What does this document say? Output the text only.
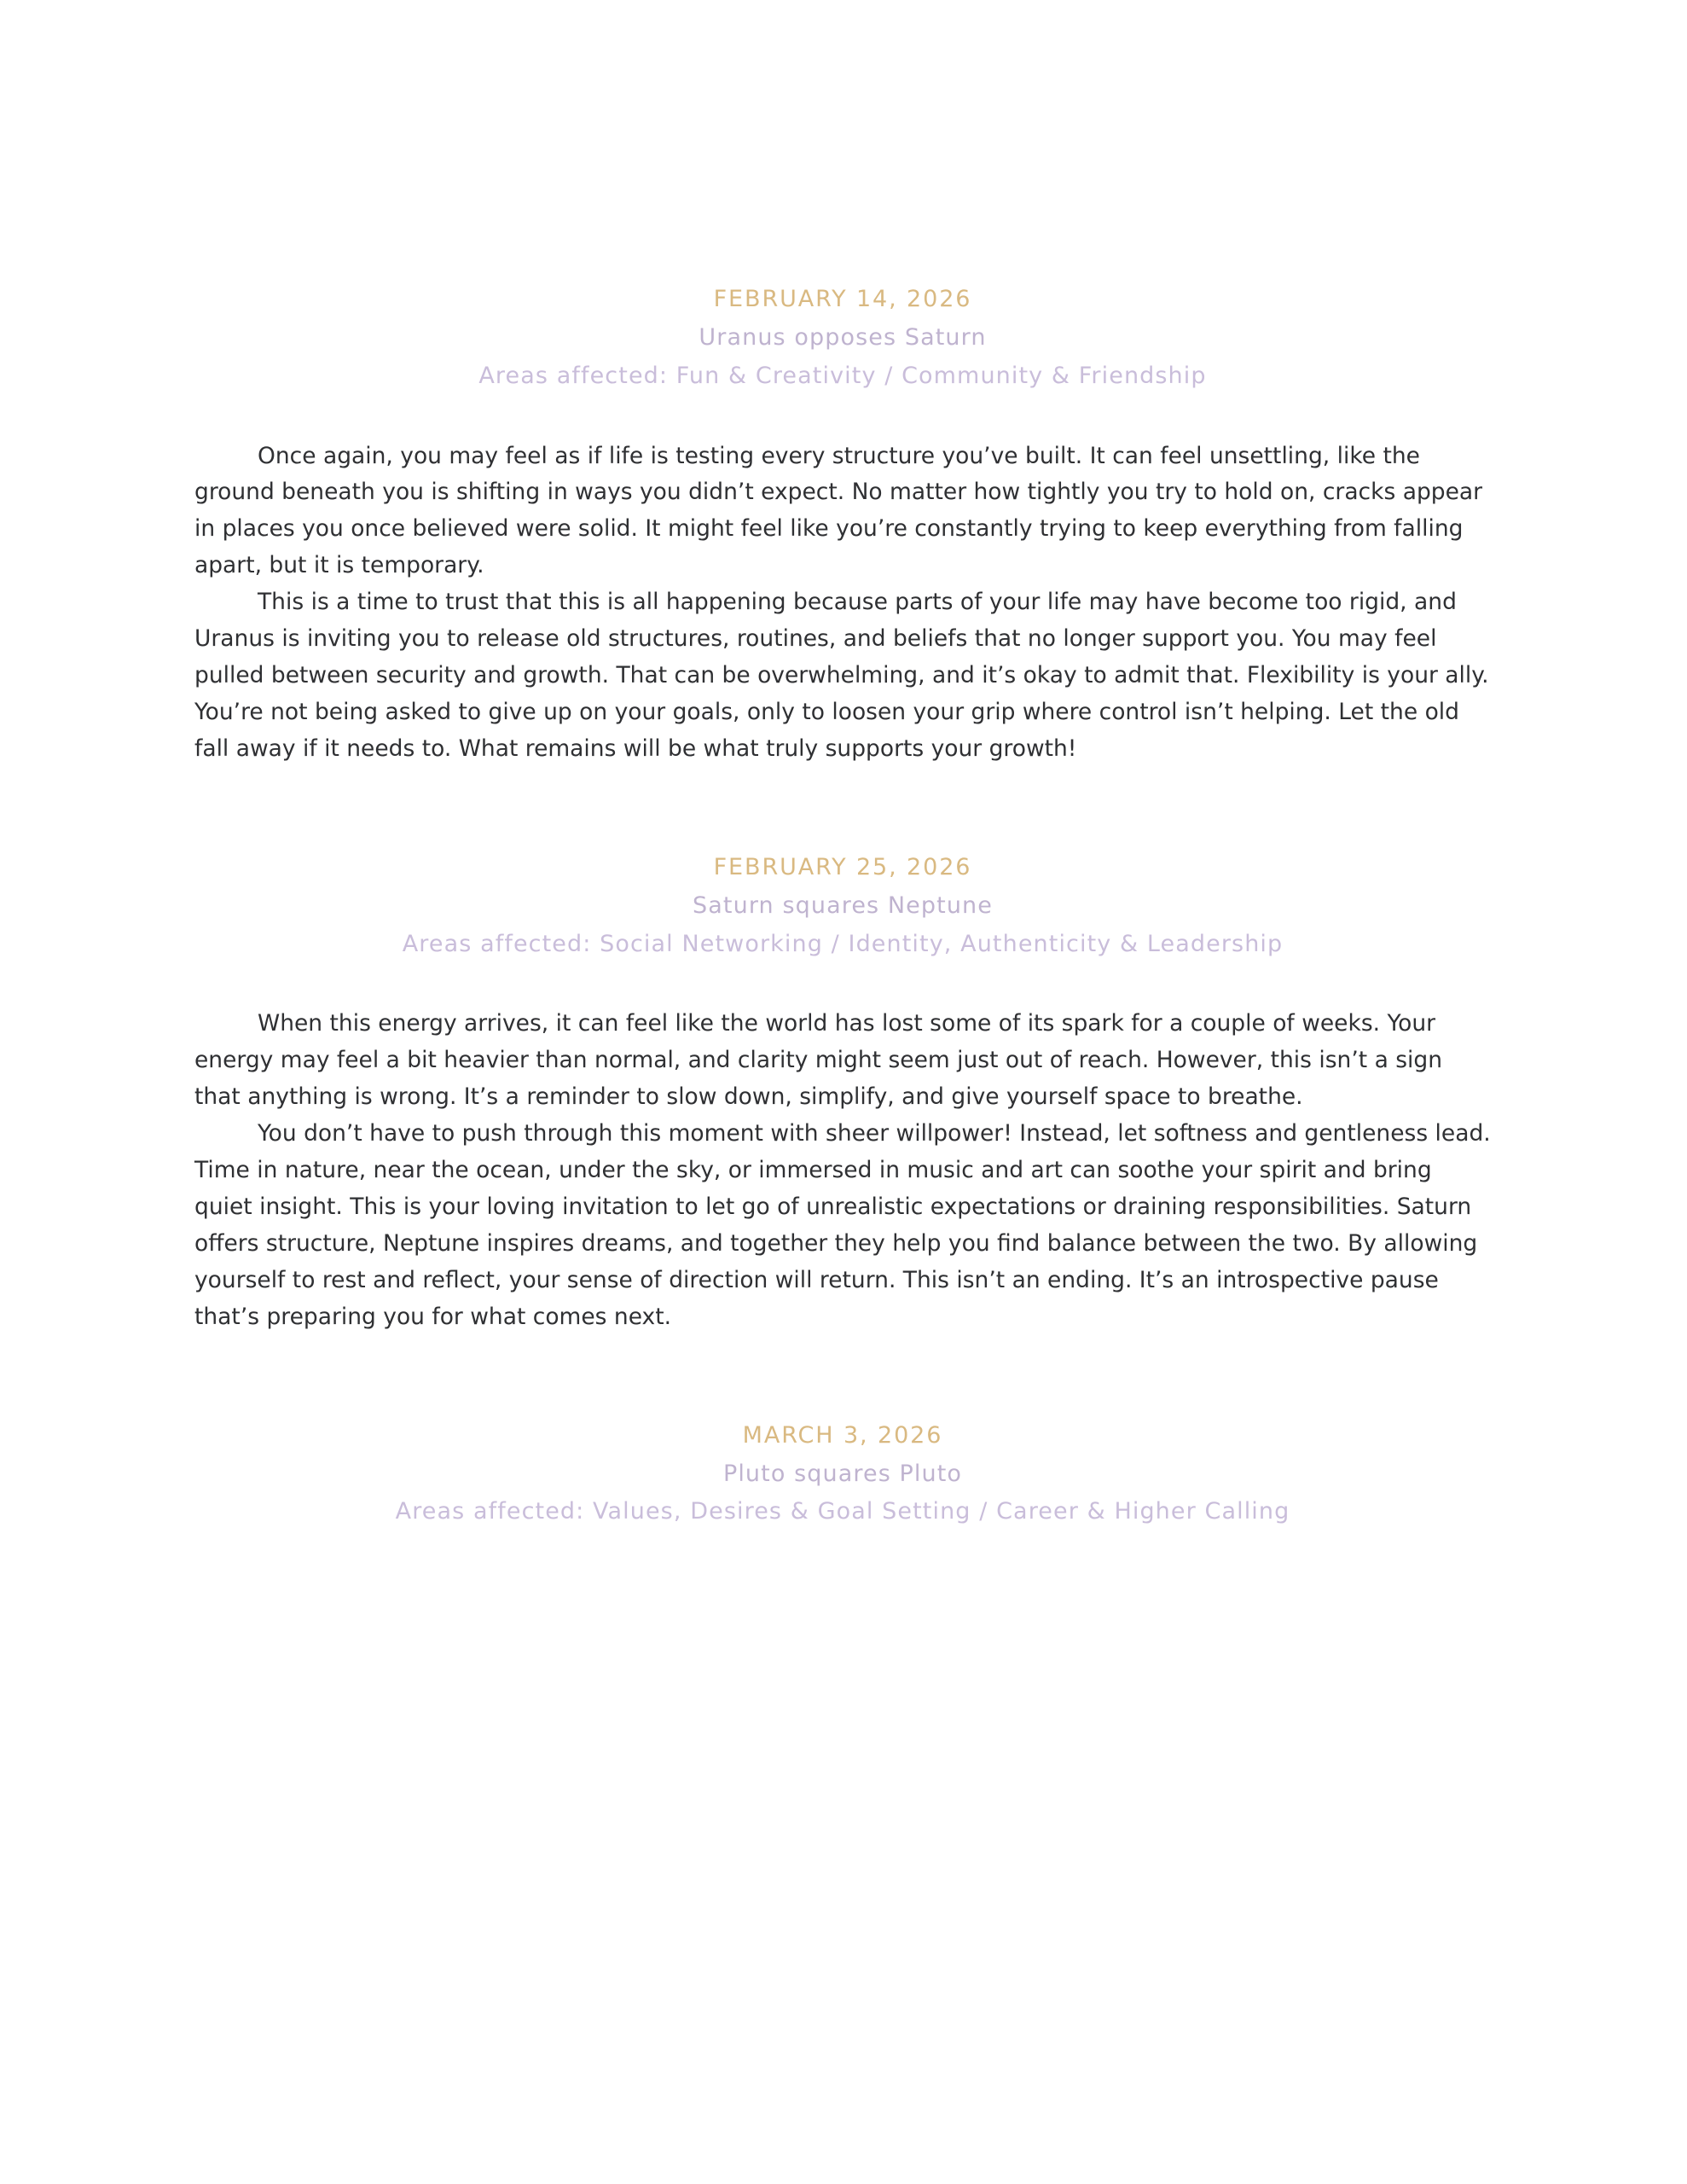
FEBRUARY 14, 2026
Uranus opposes Saturn
Areas affected: Fun & Creativity / Community & Friendship

Once again, you may feel as if life is testing every structure you’ve built. It can feel unsettling, like the ground beneath you is shifting in ways you didn’t expect. No matter how tightly you try to hold on, cracks appear in places you once believed were solid. It might feel like you’re constantly trying to keep everything from falling apart, but it is temporary.

This is a time to trust that this is all happening because parts of your life may have become too rigid, and Uranus is inviting you to release old structures, routines, and beliefs that no longer support you. You may feel pulled between security and growth. That can be overwhelming, and it’s okay to admit that. Flexibility is your ally. You’re not being asked to give up on your goals, only to loosen your grip where control isn’t helping. Let the old fall away if it needs to. What remains will be what truly supports your growth!

FEBRUARY 25, 2026
Saturn squares Neptune
Areas affected: Social Networking / Identity, Authenticity & Leadership

When this energy arrives, it can feel like the world has lost some of its spark for a couple of weeks. Your energy may feel a bit heavier than normal, and clarity might seem just out of reach. However, this isn’t a sign that anything is wrong. It’s a reminder to slow down, simplify, and give yourself space to breathe.

You don’t have to push through this moment with sheer willpower! Instead, let softness and gentleness lead. Time in nature, near the ocean, under the sky, or immersed in music and art can soothe your spirit and bring quiet insight. This is your loving invitation to let go of unrealistic expectations or draining responsibilities. Saturn offers structure, Neptune inspires dreams, and together they help you find balance between the two. By allowing yourself to rest and reflect, your sense of direction will return. This isn’t an ending. It’s an introspective pause that’s preparing you for what comes next.

MARCH 3, 2026
Pluto squares Pluto
Areas affected: Values, Desires & Goal Setting / Career & Higher Calling
